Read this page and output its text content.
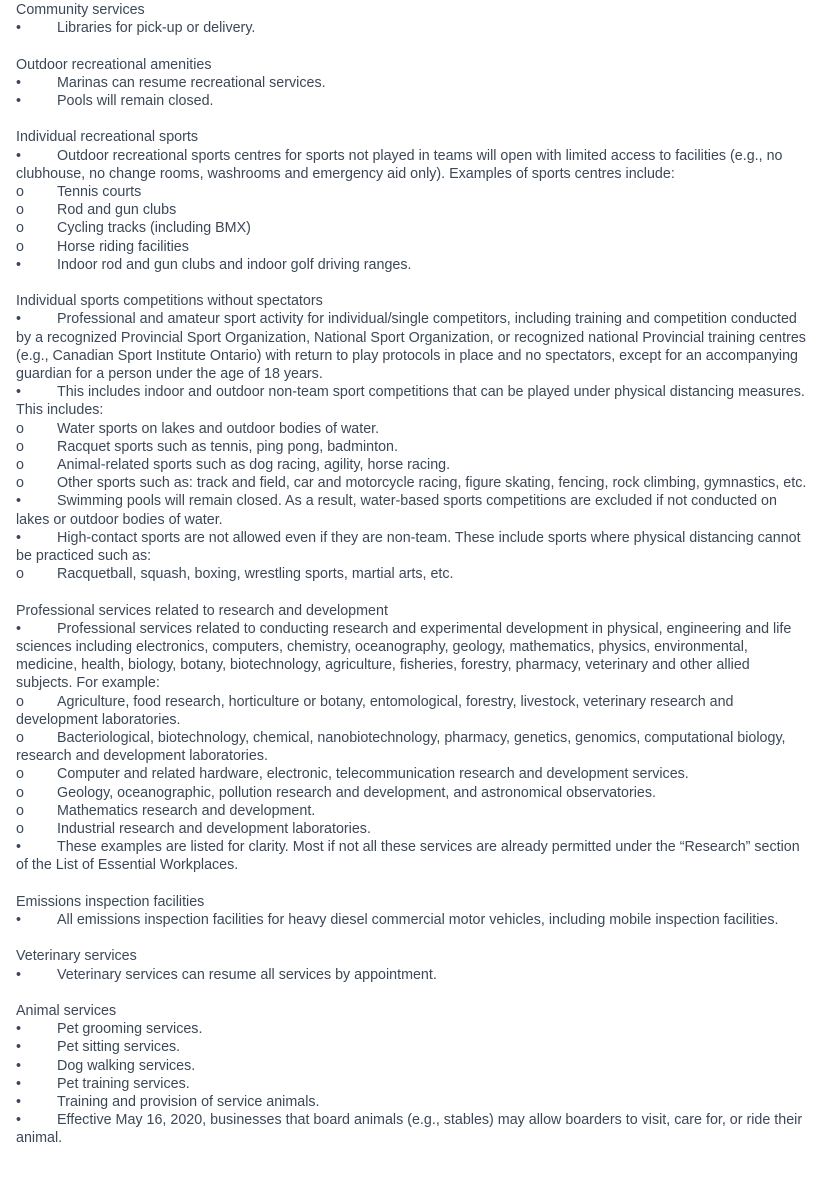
Community services
•	Libraries for pick-up or delivery.
Outdoor recreational amenities
•	Marinas can resume recreational services.
•	Pools will remain closed.
Individual recreational sports
•	Outdoor recreational sports centres for sports not played in teams will open with limited access to facilities (e.g., no clubhouse, no change rooms, washrooms and emergency aid only). Examples of sports centres include:
o Tennis courts
o Rod and gun clubs
o Cycling tracks (including BMX)
o Horse riding facilities
•	Indoor rod and gun clubs and indoor golf driving ranges.
Individual sports competitions without spectators
•	Professional and amateur sport activity for individual/single competitors, including training and competition conducted by a recognized Provincial Sport Organization, National Sport Organization, or recognized national Provincial training centres (e.g., Canadian Sport Institute Ontario) with return to play protocols in place and no spectators, except for an accompanying guardian for a person under the age of 18 years.
•	This includes indoor and outdoor non-team sport competitions that can be played under physical distancing measures. This includes:
o Water sports on lakes and outdoor bodies of water.
o Racquet sports such as tennis, ping pong, badminton.
o Animal-related sports such as dog racing, agility, horse racing.
o Other sports such as: track and field, car and motorcycle racing, figure skating, fencing, rock climbing, gymnastics, etc.
•	Swimming pools will remain closed. As a result, water-based sports competitions are excluded if not conducted on lakes or outdoor bodies of water.
•	High-contact sports are not allowed even if they are non-team. These include sports where physical distancing cannot be practiced such as:
o Racquetball, squash, boxing, wrestling sports, martial arts, etc.
Professional services related to research and development
•	Professional services related to conducting research and experimental development in physical, engineering and life sciences including electronics, computers, chemistry, oceanography, geology, mathematics, physics, environmental, medicine, health, biology, botany, biotechnology, agriculture, fisheries, forestry, pharmacy, veterinary and other allied subjects. For example:
o Agriculture, food research, horticulture or botany, entomological, forestry, livestock, veterinary research and development laboratories.
o Bacteriological, biotechnology, chemical, nanobiotechnology, pharmacy, genetics, genomics, computational biology, research and development laboratories.
o Computer and related hardware, electronic, telecommunication research and development services.
o Geology, oceanographic, pollution research and development, and astronomical observatories.
o Mathematics research and development.
o Industrial research and development laboratories.
•	These examples are listed for clarity. Most if not all these services are already permitted under the “Research” section of the List of Essential Workplaces.
Emissions inspection facilities
•	All emissions inspection facilities for heavy diesel commercial motor vehicles, including mobile inspection facilities.
Veterinary services
•	Veterinary services can resume all services by appointment.
Animal services
•	Pet grooming services.
•	Pet sitting services.
•	Dog walking services.
•	Pet training services.
•	Training and provision of service animals.
•	Effective May 16, 2020, businesses that board animals (e.g., stables) may allow boarders to visit, care for, or ride their animal.
